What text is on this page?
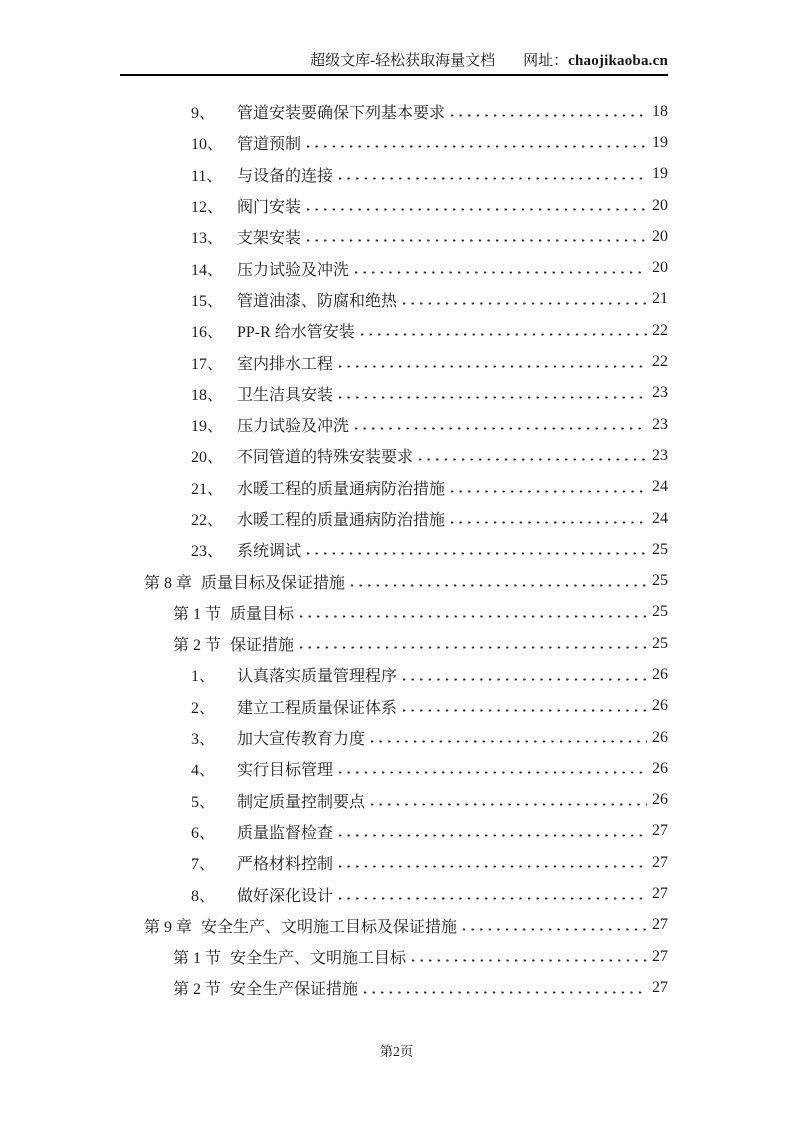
超级文库-轻松获取海量文档 网址：chaojikaoba.cn
9、	管道安装要确保下列基本要求	18
10、 管道预制	19
11、 与设备的连接	19
12、 阀门安装	20
13、 支架安装	20
14、 压力试验及冲洗	20
15、 管道油漆、防腐和绝热	21
16、 PP-R 给水管安装	22
17、 室内排水工程	22
18、 卫生洁具安装	23
19、 压力试验及冲洗	23
20、 不同管道的特殊安装要求	23
21、 水暖工程的质量通病防治措施	24
22、 水暖工程的质量通病防治措施	24
23、 系统调试	25
第 8 章 质量目标及保证措施	25
第 1 节 质量目标	25
第 2 节 保证措施	25
1、	认真落实质量管理程序	26
2、	建立工程质量保证体系	26
3、	加大宣传教育力度	26
4、	实行目标管理	26
5、	制定质量控制要点	26
6、	质量监督检查	27
7、	严格材料控制	27
8、	做好深化设计	27
第 9 章 安全生产、文明施工目标及保证措施	27
第 1 节 安全生产、文明施工目标	27
第 2 节 安全生产保证措施	27
第2页
